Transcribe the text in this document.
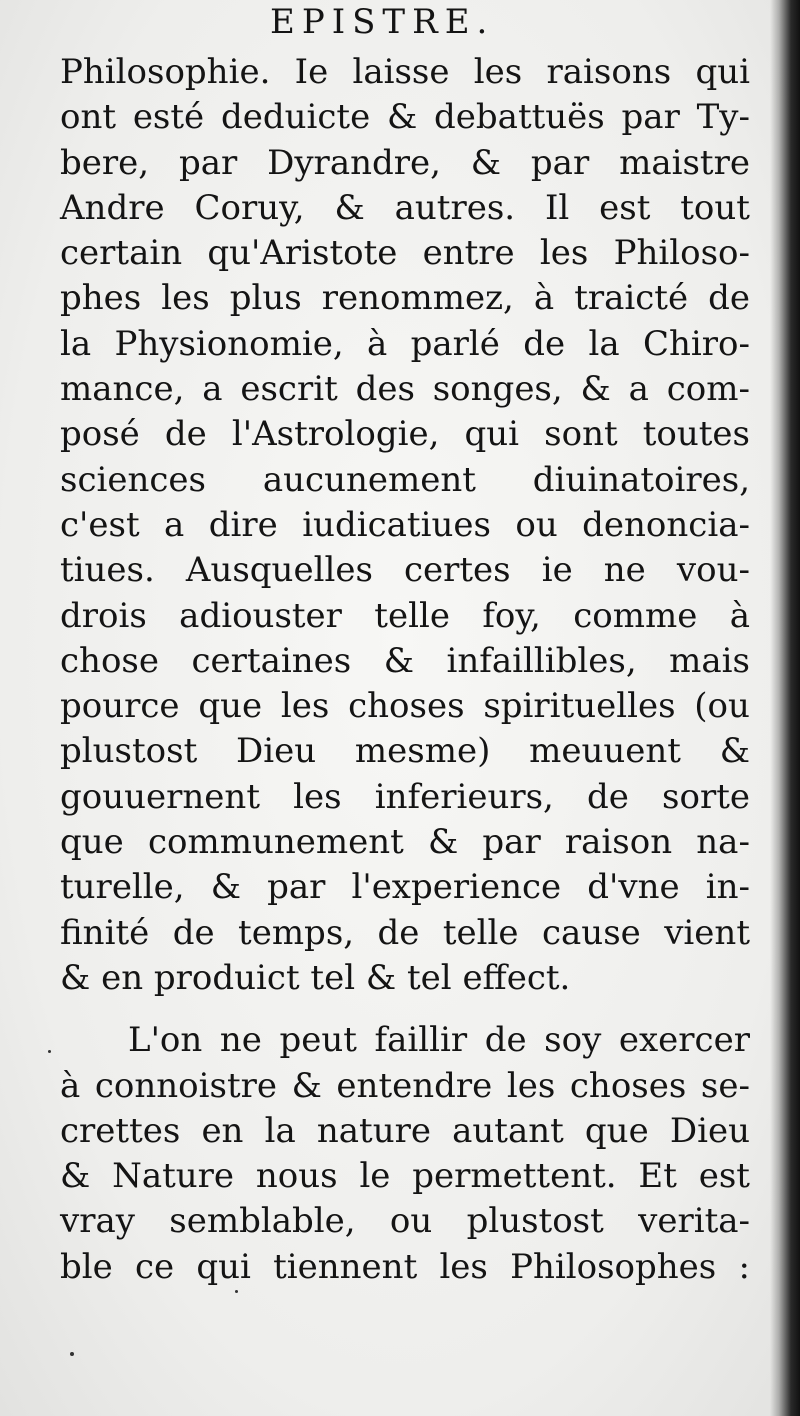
EPISTRE.
Philosophie. Ie laisse les raisons qui
ont esté deduicte & debattuës par Ty-
bere, par Dyrandre, & par maistre
Andre Coruy, & autres. Il est tout
certain qu'Aristote entre les Philoso-
phes les plus renommez, à traicté de
la Physionomie, à parlé de la Chiro-
mance, a escrit des songes, & a com-
posé de l'Astrologie, qui sont toutes
sciences aucunement diuinatoires,
c'est a dire iudicatiues ou denoncia-
tiues. Ausquelles certes ie ne vou-
drois adiouster telle foy, comme à
chose certaines & infaillibles, mais
pource que les choses spirituelles (ou
plustost Dieu mesme) meuuent &
gouuernent les inferieurs, de sorte
que communement & par raison na-
turelle, & par l'experience d'vne in-
finité de temps, de telle cause vient
& en produict tel & tel effect.
L'on ne peut faillir de soy exercer
à connoistre & entendre les choses se-
crettes en la nature autant que Dieu
& Nature nous le permettent. Et est
vray semblable, ou plustost verita-
ble ce qui tiennent les Philosophes :
